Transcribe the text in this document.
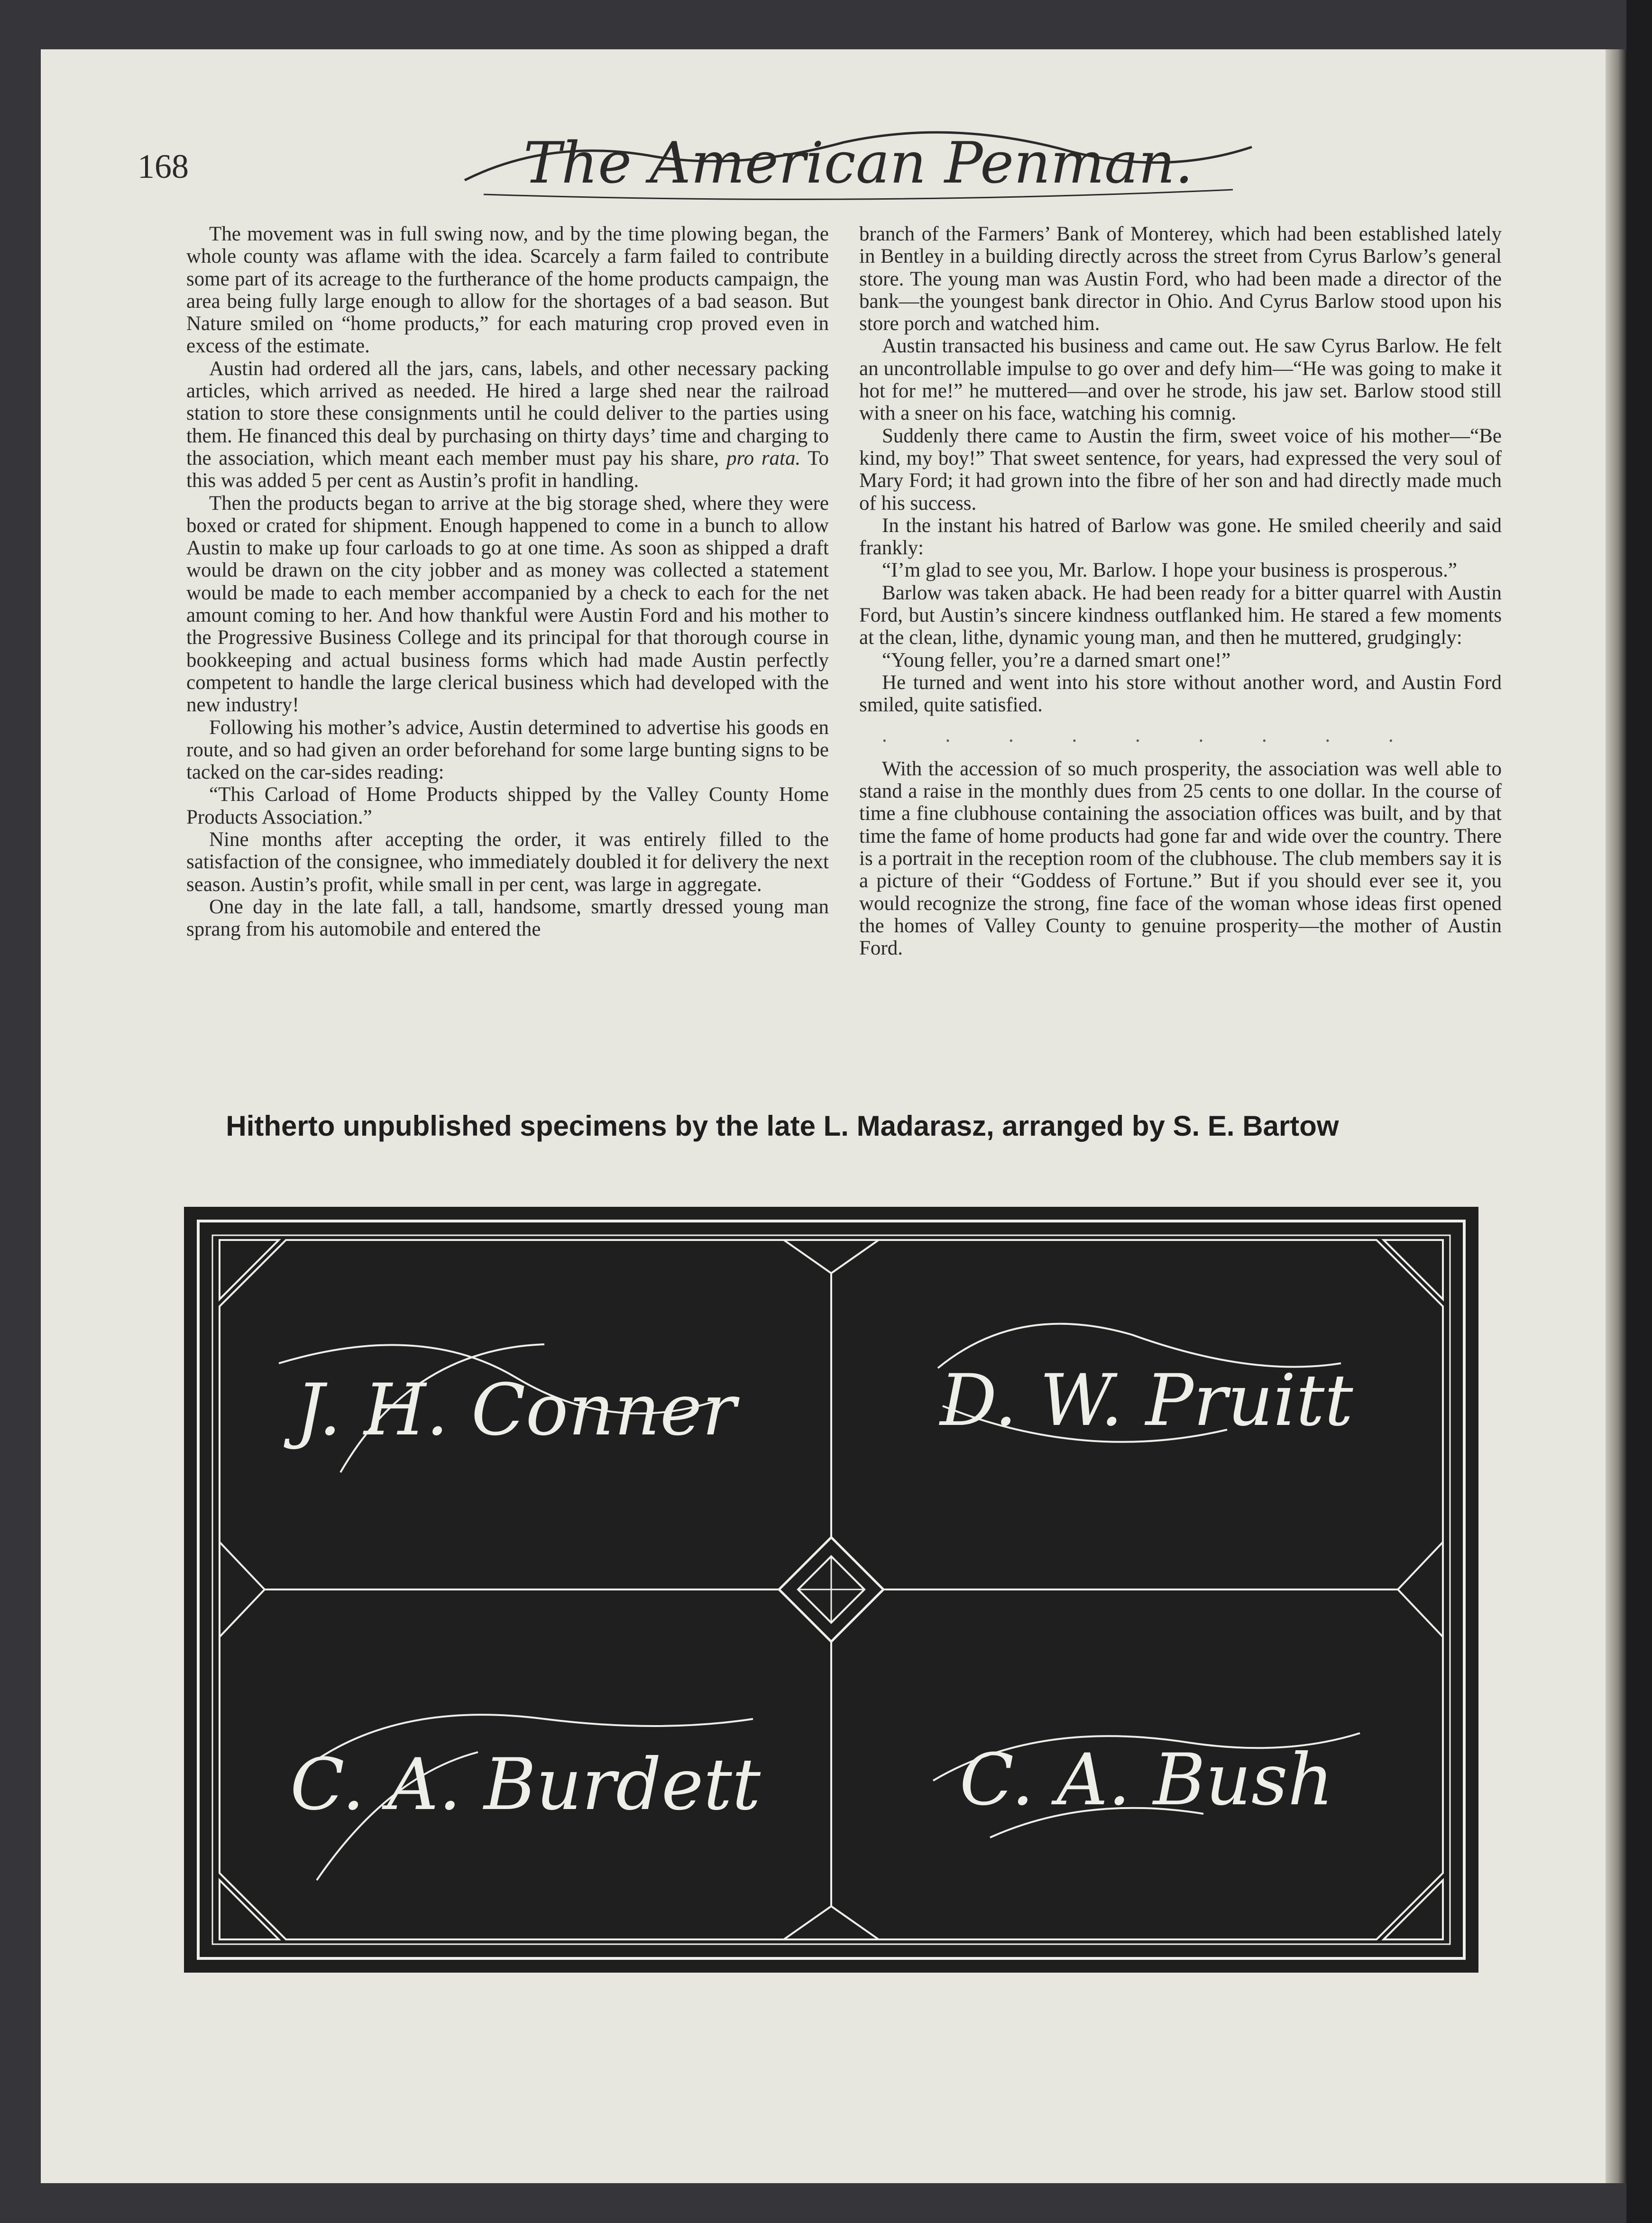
168	The American Penman.

The movement was in full swing now, and by the time plowing began, the whole county was aflame with the idea. Scarcely a farm failed to contribute some part of its acreage to the furtherance of the home products campaign, the area being fully large enough to allow for the shortages of a bad season. But Nature smiled on “home products,” for each maturing crop proved even in excess of the estimate.

Austin had ordered all the jars, cans, labels, and other necessary packing articles, which arrived as needed. He hired a large shed near the railroad station to store these consignments until he could deliver to the parties using them. He financed this deal by purchasing on thirty days’ time and charging to the association, which meant each member must pay his share, pro rata. To this was added 5 per cent as Austin’s profit in handling.

Then the products began to arrive at the big storage shed, where they were boxed or crated for shipment. Enough happened to come in a bunch to allow Austin to make up four carloads to go at one time. As soon as shipped a draft would be drawn on the city jobber and as money was collected a statement would be made to each member accompanied by a check to each for the net amount coming to her. And how thankful were Austin Ford and his mother to the Progressive Business College and its principal for that thorough course in bookkeeping and actual business forms which had made Austin perfectly competent to handle the large clerical business which had developed with the new industry!

Following his mother’s advice, Austin determined to advertise his goods en route, and so had given an order beforehand for some large bunting signs to be tacked on the car-sides reading:

“This Carload of Home Products shipped by the Valley County Home Products Association.”

Nine months after accepting the order, it was entirely filled to the satisfaction of the consignee, who immediately doubled it for delivery the next season. Austin’s profit, while small in per cent, was large in aggregate.

One day in the late fall, a tall, handsome, smartly dressed young man sprang from his automobile and entered the

branch of the Farmers’ Bank of Monterey, which had been established lately in Bentley in a building directly across the street from Cyrus Barlow’s general store. The young man was Austin Ford, who had been made a director of the bank—the youngest bank director in Ohio. And Cyrus Barlow stood upon his store porch and watched him.

Austin transacted his business and came out. He saw Cyrus Barlow. He felt an uncontrollable impulse to go over and defy him—“He was going to make it hot for me!” he muttered—and over he strode, his jaw set. Barlow stood still with a sneer on his face, watching his comnig.

Suddenly there came to Austin the firm, sweet voice of his mother—“Be kind, my boy!” That sweet sentence, for years, had expressed the very soul of Mary Ford; it had grown into the fibre of her son and had directly made much of his success.

In the instant his hatred of Barlow was gone. He smiled cheerily and said frankly:

“I’m glad to see you, Mr. Barlow. I hope your business is prosperous.”

Barlow was taken aback. He had been ready for a bitter quarrel with Austin Ford, but Austin’s sincere kindness outflanked him. He stared a few moments at the clean, lithe, dynamic young man, and then he muttered, grudgingly:

“Young feller, you’re a darned smart one!”

He turned and went into his store without another word, and Austin Ford smiled, quite satisfied.

. . . . . . . . .

With the accession of so much prosperity, the association was well able to stand a raise in the monthly dues from 25 cents to one dollar. In the course of time a fine clubhouse containing the association offices was built, and by that time the fame of home products had gone far and wide over the country. There is a portrait in the reception room of the clubhouse. The club members say it is a picture of their “Goddess of Fortune.” But if you should ever see it, you would recognize the strong, fine face of the woman whose ideas first opened the homes of Valley County to genuine prosperity—the mother of Austin Ford.

Hitherto unpublished specimens by the late L. Madarasz, arranged by S. E. Bartow
J. H. Conner	D. W. Pruitt
C. A. Burdett	C. A. Bush
